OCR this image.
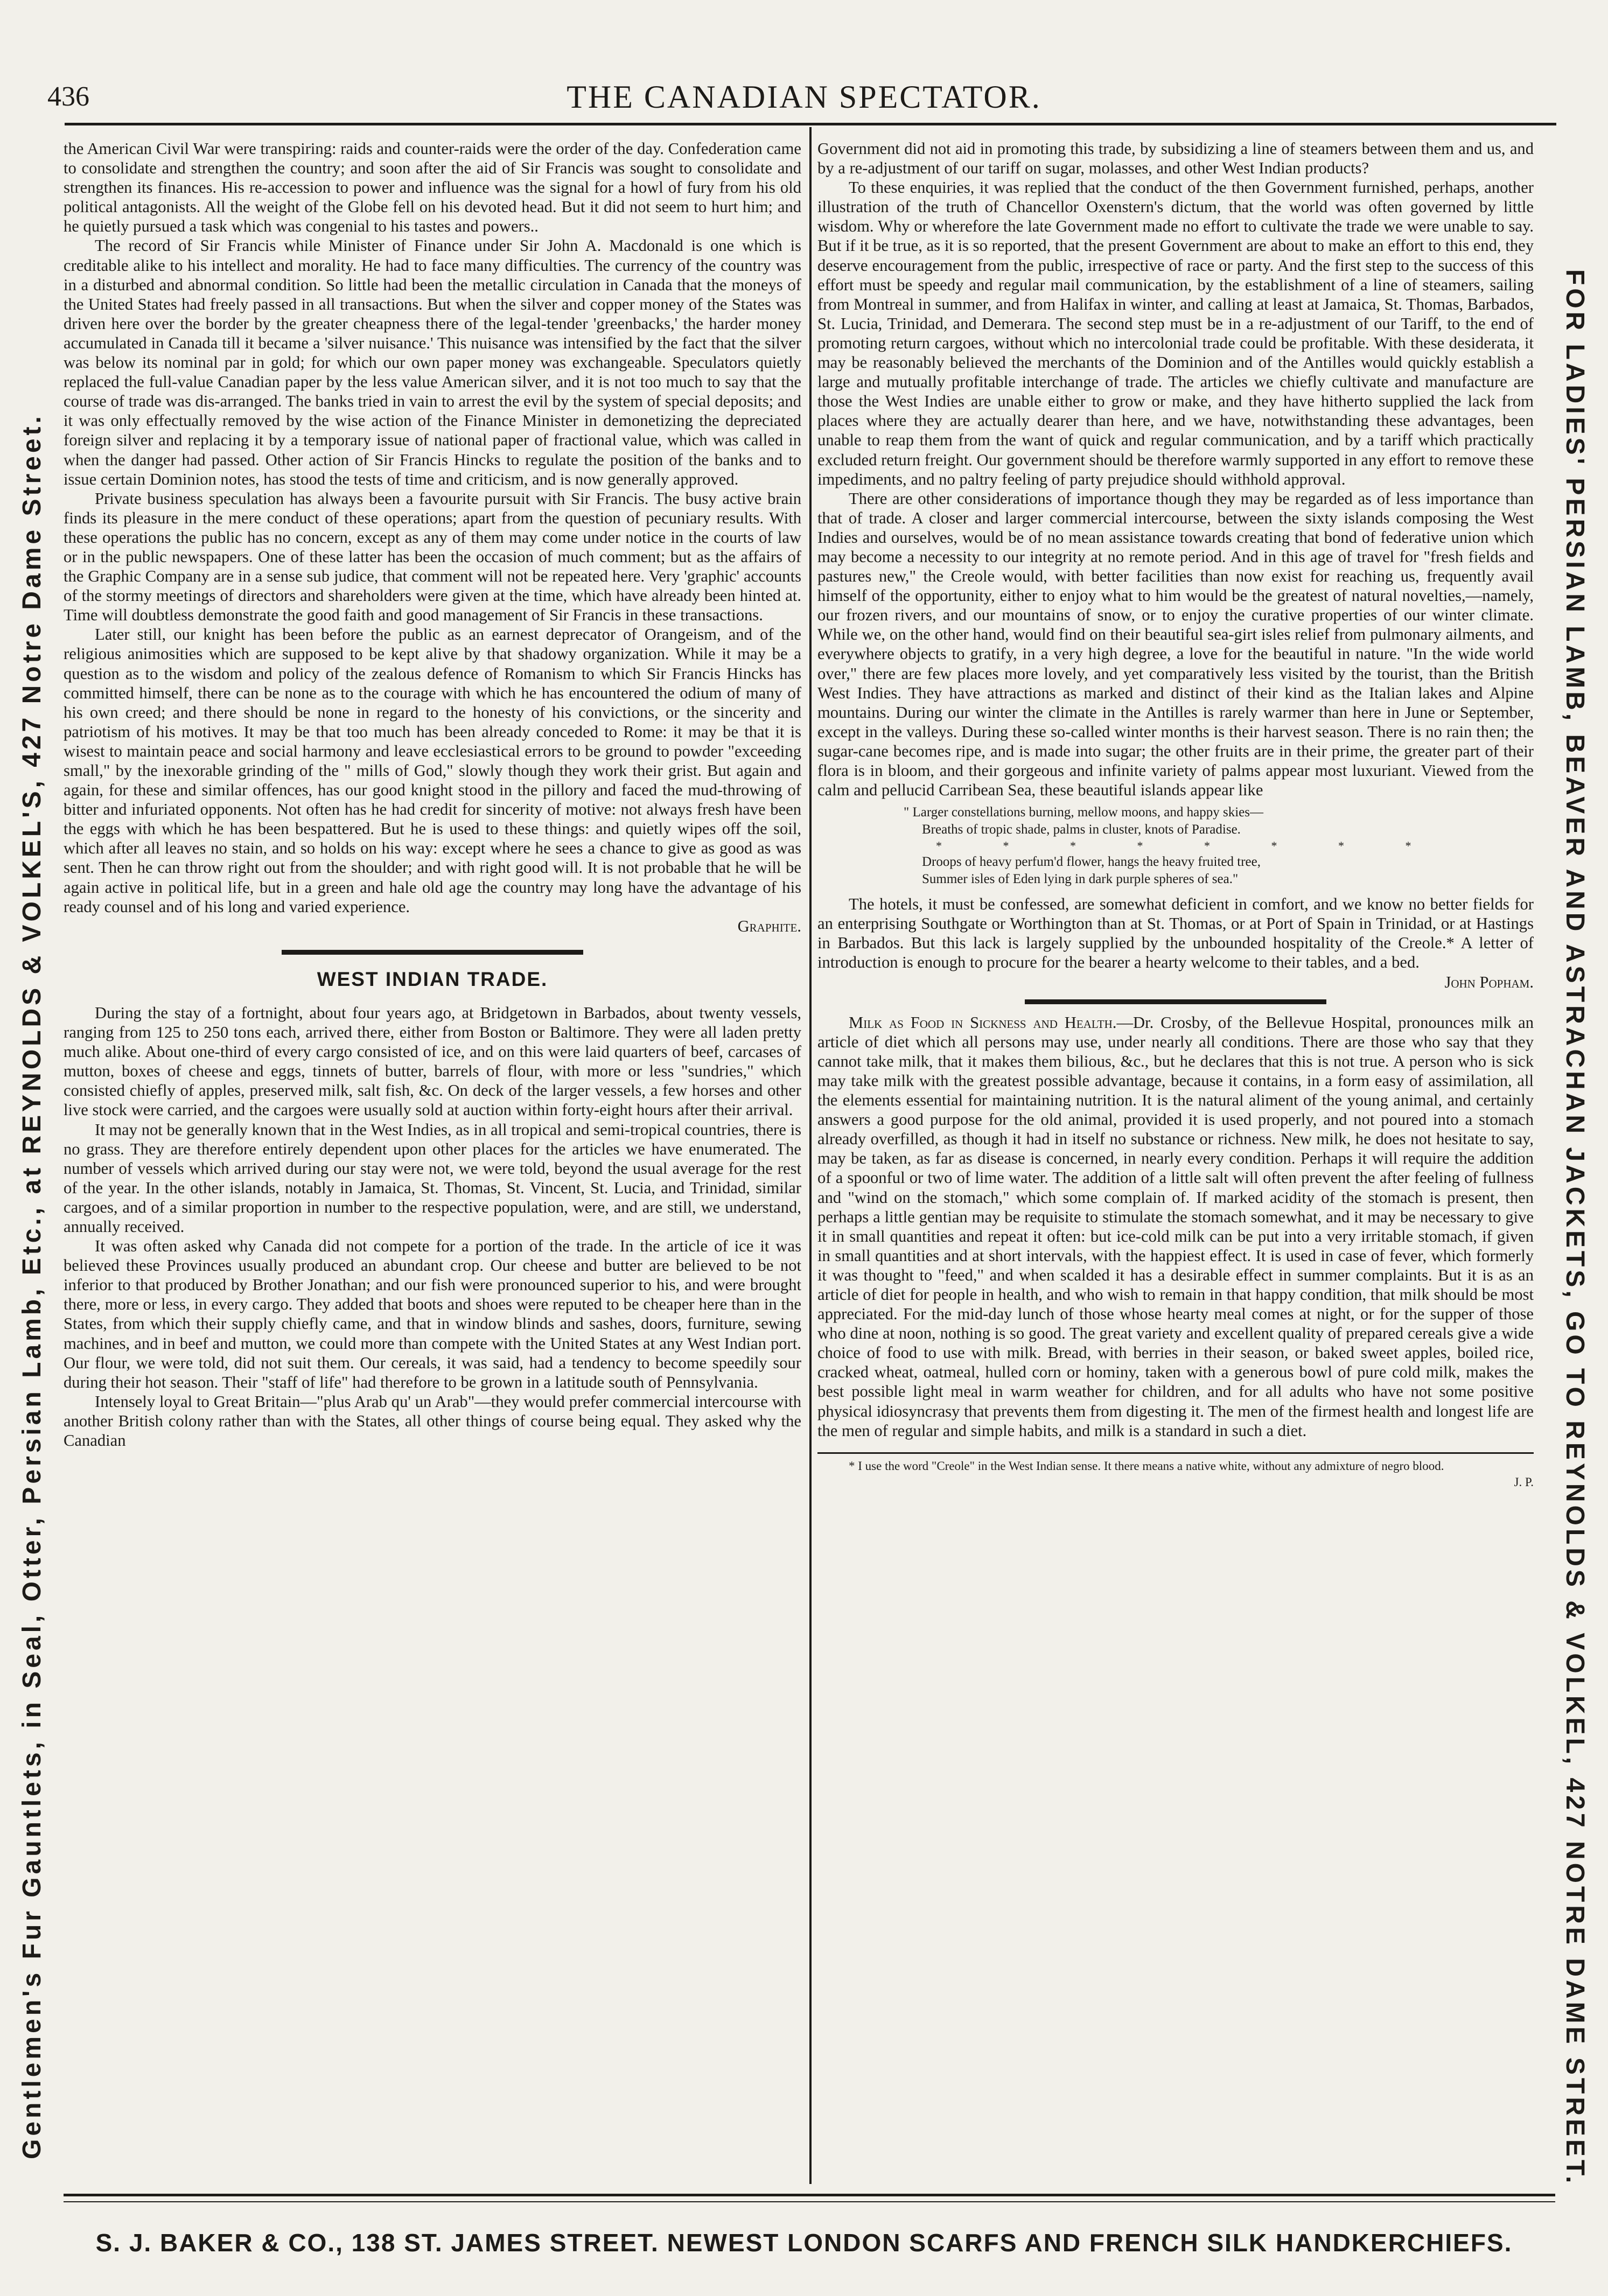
436	THE CANADIAN SPECTATOR.
Gentlemen's Fur Gauntlets, in Seal, Otter, Persian Lamb, Etc., at REYNOLDS & VOLKEL'S, 427 Notre Dame Street.	FOR LADIES' PERSIAN LAMB, BEAVER AND ASTRACHAN JACKETS, GO TO REYNOLDS & VOLKEL, 427 NOTRE DAME STREET.

the American Civil War were transpiring: raids and counter-raids were the order of the day. Confederation came to consolidate and strengthen the country; and soon after the aid of Sir Francis was sought to consolidate and strengthen its finances. His re-accession to power and influence was the signal for a howl of fury from his old political antagonists. All the weight of the Globe fell on his devoted head. But it did not seem to hurt him; and he quietly pursued a task which was congenial to his tastes and powers..

The record of Sir Francis while Minister of Finance under Sir John A. Macdonald is one which is creditable alike to his intellect and morality. He had to face many difficulties. The currency of the country was in a disturbed and abnormal condition. So little had been the metallic circulation in Canada that the moneys of the United States had freely passed in all transactions. But when the silver and copper money of the States was driven here over the border by the greater cheapness there of the legal-tender 'greenbacks,' the harder money accumulated in Canada till it became a 'silver nuisance.' This nuisance was intensified by the fact that the silver was below its nominal par in gold; for which our own paper money was exchangeable. Speculators quietly replaced the full-value Canadian paper by the less value American silver, and it is not too much to say that the course of trade was dis-arranged. The banks tried in vain to arrest the evil by the system of special deposits; and it was only effectually removed by the wise action of the Finance Minister in demonetizing the depreciated foreign silver and replacing it by a temporary issue of national paper of fractional value, which was called in when the danger had passed. Other action of Sir Francis Hincks to regulate the position of the banks and to issue certain Dominion notes, has stood the tests of time and criticism, and is now generally approved.

Private business speculation has always been a favourite pursuit with Sir Francis. The busy active brain finds its pleasure in the mere conduct of these operations; apart from the question of pecuniary results. With these operations the public has no concern, except as any of them may come under notice in the courts of law or in the public newspapers. One of these latter has been the occasion of much comment; but as the affairs of the Graphic Company are in a sense sub judice, that comment will not be repeated here. Very 'graphic' accounts of the stormy meetings of directors and shareholders were given at the time, which have already been hinted at. Time will doubtless demonstrate the good faith and good management of Sir Francis in these transactions.

Later still, our knight has been before the public as an earnest deprecator of Orangeism, and of the religious animosities which are supposed to be kept alive by that shadowy organization. While it may be a question as to the wisdom and policy of the zealous defence of Romanism to which Sir Francis Hincks has committed himself, there can be none as to the courage with which he has encountered the odium of many of his own creed; and there should be none in regard to the honesty of his convictions, or the sincerity and patriotism of his motives. It may be that too much has been already conceded to Rome: it may be that it is wisest to maintain peace and social harmony and leave ecclesiastical errors to be ground to powder "exceeding small," by the inexorable grinding of the " mills of God," slowly though they work their grist. But again and again, for these and similar offences, has our good knight stood in the pillory and faced the mud-throwing of bitter and infuriated opponents. Not often has he had credit for sincerity of motive: not always fresh have been the eggs with which he has been bespattered. But he is used to these things: and quietly wipes off the soil, which after all leaves no stain, and so holds on his way: except where he sees a chance to give as good as was sent. Then he can throw right out from the shoulder; and with right good will. It is not probable that he will be again active in political life, but in a green and hale old age the country may long have the advantage of his ready counsel and of his long and varied experience.

Graphite.

WEST INDIAN TRADE.

During the stay of a fortnight, about four years ago, at Bridgetown in Barbados, about twenty vessels, ranging from 125 to 250 tons each, arrived there, either from Boston or Baltimore. They were all laden pretty much alike. About one-third of every cargo consisted of ice, and on this were laid quarters of beef, carcases of mutton, boxes of cheese and eggs, tinnets of butter, barrels of flour, with more or less "sundries," which consisted chiefly of apples, preserved milk, salt fish, &c. On deck of the larger vessels, a few horses and other live stock were carried, and the cargoes were usually sold at auction within forty-eight hours after their arrival.

It may not be generally known that in the West Indies, as in all tropical and semi-tropical countries, there is no grass. They are therefore entirely dependent upon other places for the articles we have enumerated. The number of vessels which arrived during our stay were not, we were told, beyond the usual average for the rest of the year. In the other islands, notably in Jamaica, St. Thomas, St. Vincent, St. Lucia, and Trinidad, similar cargoes, and of a similar proportion in number to the respective population, were, and are still, we understand, annually received.

It was often asked why Canada did not compete for a portion of the trade. In the article of ice it was believed these Provinces usually produced an abundant crop. Our cheese and butter are believed to be not inferior to that produced by Brother Jonathan; and our fish were pronounced superior to his, and were brought there, more or less, in every cargo. They added that boots and shoes were reputed to be cheaper here than in the States, from which their supply chiefly came, and that in window blinds and sashes, doors, furniture, sewing machines, and in beef and mutton, we could more than compete with the United States at any West Indian port. Our flour, we were told, did not suit them. Our cereals, it was said, had a tendency to become speedily sour during their hot season. Their "staff of life" had therefore to be grown in a latitude south of Pennsylvania.

Intensely loyal to Great Britain—"plus Arab qu' un Arab"—they would prefer commercial intercourse with another British colony rather than with the States, all other things of course being equal. They asked why the Canadian

Government did not aid in promoting this trade, by subsidizing a line of steamers between them and us, and by a re-adjustment of our tariff on sugar, molasses, and other West Indian products?

To these enquiries, it was replied that the conduct of the then Government furnished, perhaps, another illustration of the truth of Chancellor Oxenstern's dictum, that the world was often governed by little wisdom. Why or wherefore the late Government made no effort to cultivate the trade we were unable to say. But if it be true, as it is so reported, that the present Government are about to make an effort to this end, they deserve encouragement from the public, irrespective of race or party. And the first step to the success of this effort must be speedy and regular mail communication, by the establishment of a line of steamers, sailing from Montreal in summer, and from Halifax in winter, and calling at least at Jamaica, St. Thomas, Barbados, St. Lucia, Trinidad, and Demerara. The second step must be in a re-adjustment of our Tariff, to the end of promoting return cargoes, without which no intercolonial trade could be profitable. With these desiderata, it may be reasonably believed the merchants of the Dominion and of the Antilles would quickly establish a large and mutually profitable interchange of trade. The articles we chiefly cultivate and manufacture are those the West Indies are unable either to grow or make, and they have hitherto supplied the lack from places where they are actually dearer than here, and we have, notwithstanding these advantages, been unable to reap them from the want of quick and regular communication, and by a tariff which practically excluded return freight. Our government should be therefore warmly supported in any effort to remove these impediments, and no paltry feeling of party prejudice should withhold approval.

There are other considerations of importance though they may be regarded as of less importance than that of trade. A closer and larger commercial intercourse, between the sixty islands composing the West Indies and ourselves, would be of no mean assistance towards creating that bond of federative union which may become a necessity to our integrity at no remote period. And in this age of travel for "fresh fields and pastures new," the Creole would, with better facilities than now exist for reaching us, frequently avail himself of the opportunity, either to enjoy what to him would be the greatest of natural novelties,—namely, our frozen rivers, and our mountains of snow, or to enjoy the curative properties of our winter climate. While we, on the other hand, would find on their beautiful sea-girt isles relief from pulmonary ailments, and everywhere objects to gratify, in a very high degree, a love for the beautiful in nature. "In the wide world over," there are few places more lovely, and yet comparatively less visited by the tourist, than the British West Indies. They have attractions as marked and distinct of their kind as the Italian lakes and Alpine mountains. During our winter the climate in the Antilles is rarely warmer than here in June or September, except in the valleys. During these so-called winter months is their harvest season. There is no rain then; the sugar-cane becomes ripe, and is made into sugar; the other fruits are in their prime, the greater part of their flora is in bloom, and their gorgeous and infinite variety of palms appear most luxuriant. Viewed from the calm and pellucid Carribean Sea, these beautiful islands appear like

" Larger constellations burning, mellow moons, and happy skies—
Breaths of tropic shade, palms in cluster, knots of Paradise.
* * * * * * * *
Droops of heavy perfum'd flower, hangs the heavy fruited tree,
Summer isles of Eden lying in dark purple spheres of sea."

The hotels, it must be confessed, are somewhat deficient in comfort, and we know no better fields for an enterprising Southgate or Worthington than at St. Thomas, or at Port of Spain in Trinidad, or at Hastings in Barbados. But this lack is largely supplied by the unbounded hospitality of the Creole.* A letter of introduction is enough to procure for the bearer a hearty welcome to their tables, and a bed.

John Popham.

Milk as Food in Sickness and Health.—Dr. Crosby, of the Bellevue Hospital, pronounces milk an article of diet which all persons may use, under nearly all conditions. There are those who say that they cannot take milk, that it makes them bilious, &c., but he declares that this is not true. A person who is sick may take milk with the greatest possible advantage, because it contains, in a form easy of assimilation, all the elements essential for maintaining nutrition. It is the natural aliment of the young animal, and certainly answers a good purpose for the old animal, provided it is used properly, and not poured into a stomach already overfilled, as though it had in itself no substance or richness. New milk, he does not hesitate to say, may be taken, as far as disease is concerned, in nearly every condition. Perhaps it will require the addition of a spoonful or two of lime water. The addition of a little salt will often prevent the after feeling of fullness and "wind on the stomach," which some complain of. If marked acidity of the stomach is present, then perhaps a little gentian may be requisite to stimulate the stomach somewhat, and it may be necessary to give it in small quantities and repeat it often: but ice-cold milk can be put into a very irritable stomach, if given in small quantities and at short intervals, with the happiest effect. It is used in case of fever, which formerly it was thought to "feed," and when scalded it has a desirable effect in summer complaints. But it is as an article of diet for people in health, and who wish to remain in that happy condition, that milk should be most appreciated. For the mid-day lunch of those whose hearty meal comes at night, or for the supper of those who dine at noon, nothing is so good. The great variety and excellent quality of prepared cereals give a wide choice of food to use with milk. Bread, with berries in their season, or baked sweet apples, boiled rice, cracked wheat, oatmeal, hulled corn or hominy, taken with a generous bowl of pure cold milk, makes the best possible light meal in warm weather for children, and for all adults who have not some positive physical idiosyncrasy that prevents them from digesting it. The men of the firmest health and longest life are the men of regular and simple habits, and milk is a standard in such a diet.

* I use the word "Creole" in the West Indian sense. It there means a native white, without any admixture of negro blood.

J. P.

S. J. BAKER & CO., 138 ST. JAMES STREET. NEWEST LONDON SCARFS AND FRENCH SILK HANDKERCHIEFS.
